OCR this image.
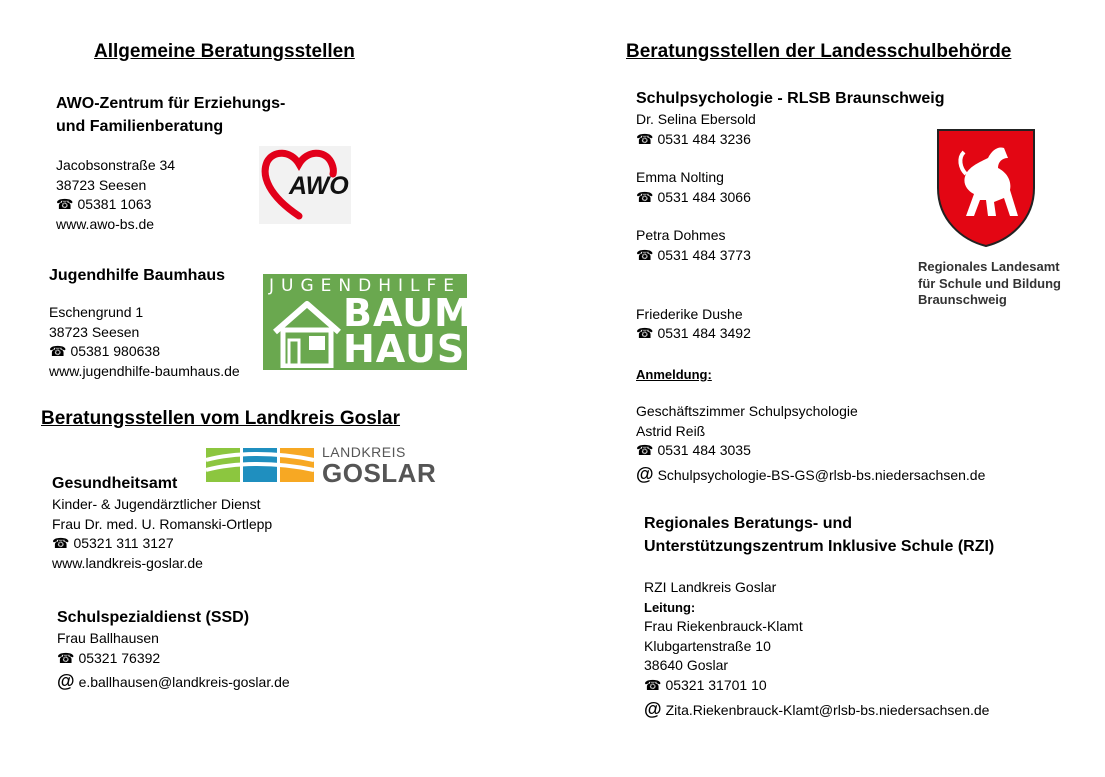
Allgemeine Beratungsstellen
AWO-Zentrum für Erziehungs-
und Familienberatung
Jacobsonstraße 34
38723 Seesen
☎ 05381 1063
www.awo-bs.de
AWO
Jugendhilfe Baumhaus
Eschengrund 1
38723 Seesen
☎ 05381 980638
www.jugendhilfe-baumhaus.de
JUGENDHILFE
BAUM
HAUS
Beratungsstellen vom Landkreis Goslar
LANDKREIS
GOSLAR
Gesundheitsamt
Kinder- & Jugendärztlicher Dienst
Frau Dr. med. U. Romanski-Ortlepp
☎ 05321 311 3127
www.landkreis-goslar.de
Schulspezialdienst (SSD)
Frau Ballhausen
☎ 05321 76392
@ e.ballhausen@landkreis-goslar.de
Beratungsstellen der Landesschulbehörde
Schulpsychologie - RLSB Braunschweig
Dr. Selina Ebersold
☎ 0531 484 3236
Emma Nolting
☎ 0531 484 3066
Petra Dohmes
☎ 0531 484 3773
Friederike Dushe
☎ 0531 484 3492
Regionales Landesamt
für Schule und Bildung
Braunschweig
Anmeldung:
Geschäftszimmer Schulpsychologie
Astrid Reiß
☎ 0531 484 3035
@ Schulpsychologie-BS-GS@rlsb-bs.niedersachsen.de
Regionales Beratungs- und
Unterstützungszentrum Inklusive Schule (RZI)
RZI Landkreis Goslar
Leitung:
Frau Riekenbrauck-Klamt
Klubgartenstraße 10
38640 Goslar
☎ 05321 31701 10
@ Zita.Riekenbrauck-Klamt@rlsb-bs.niedersachsen.de
